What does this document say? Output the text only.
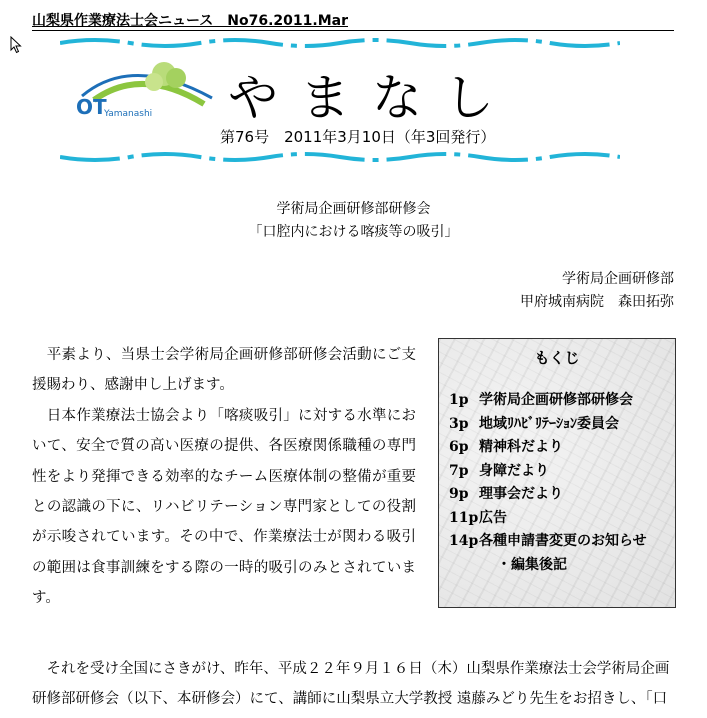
山梨県作業療法士会ニュース　No76.2011.Mar
OT
Yamanashi やまなし
第76号　2011年3月10日（年3回発行）
学術局企画研修部研修会
「口腔内における喀痰等の吸引」
学術局企画研修部
甲府城南病院　森田拓弥

　平素より、当県士会学術局企画研修部研修会活動にご支援賜わり、感謝申し上げます。

　日本作業療法士協会より「喀痰吸引」に対する水準において、安全で質の高い医療の提供、各医療関係職種の専門性をより発揮できる効率的なチーム医療体制の整備が重要との認識の下に、リハビリテーション専門家としての役割が示唆されています。その中で、作業療法士が関わる吸引の範囲は食事訓練をする際の一時的吸引のみとされています。

もくじ
1p 学術局企画研修部研修会
3p 地域ﾘﾊﾋﾞﾘﾃｰｼｮﾝ委員会
6p 精神科だより
7p 身障だより
9p 理事会だより
11p広告
14p各種申請書変更のお知らせ
・編集後記

　それを受け全国にさきがけ、昨年、平成２２年９月１６日（木）山梨県作業療法士会学術局企画

研修部研修会（以下、本研修会）にて、講師に山梨県立大学教授 遠藤みどり先生をお招きし、「口
